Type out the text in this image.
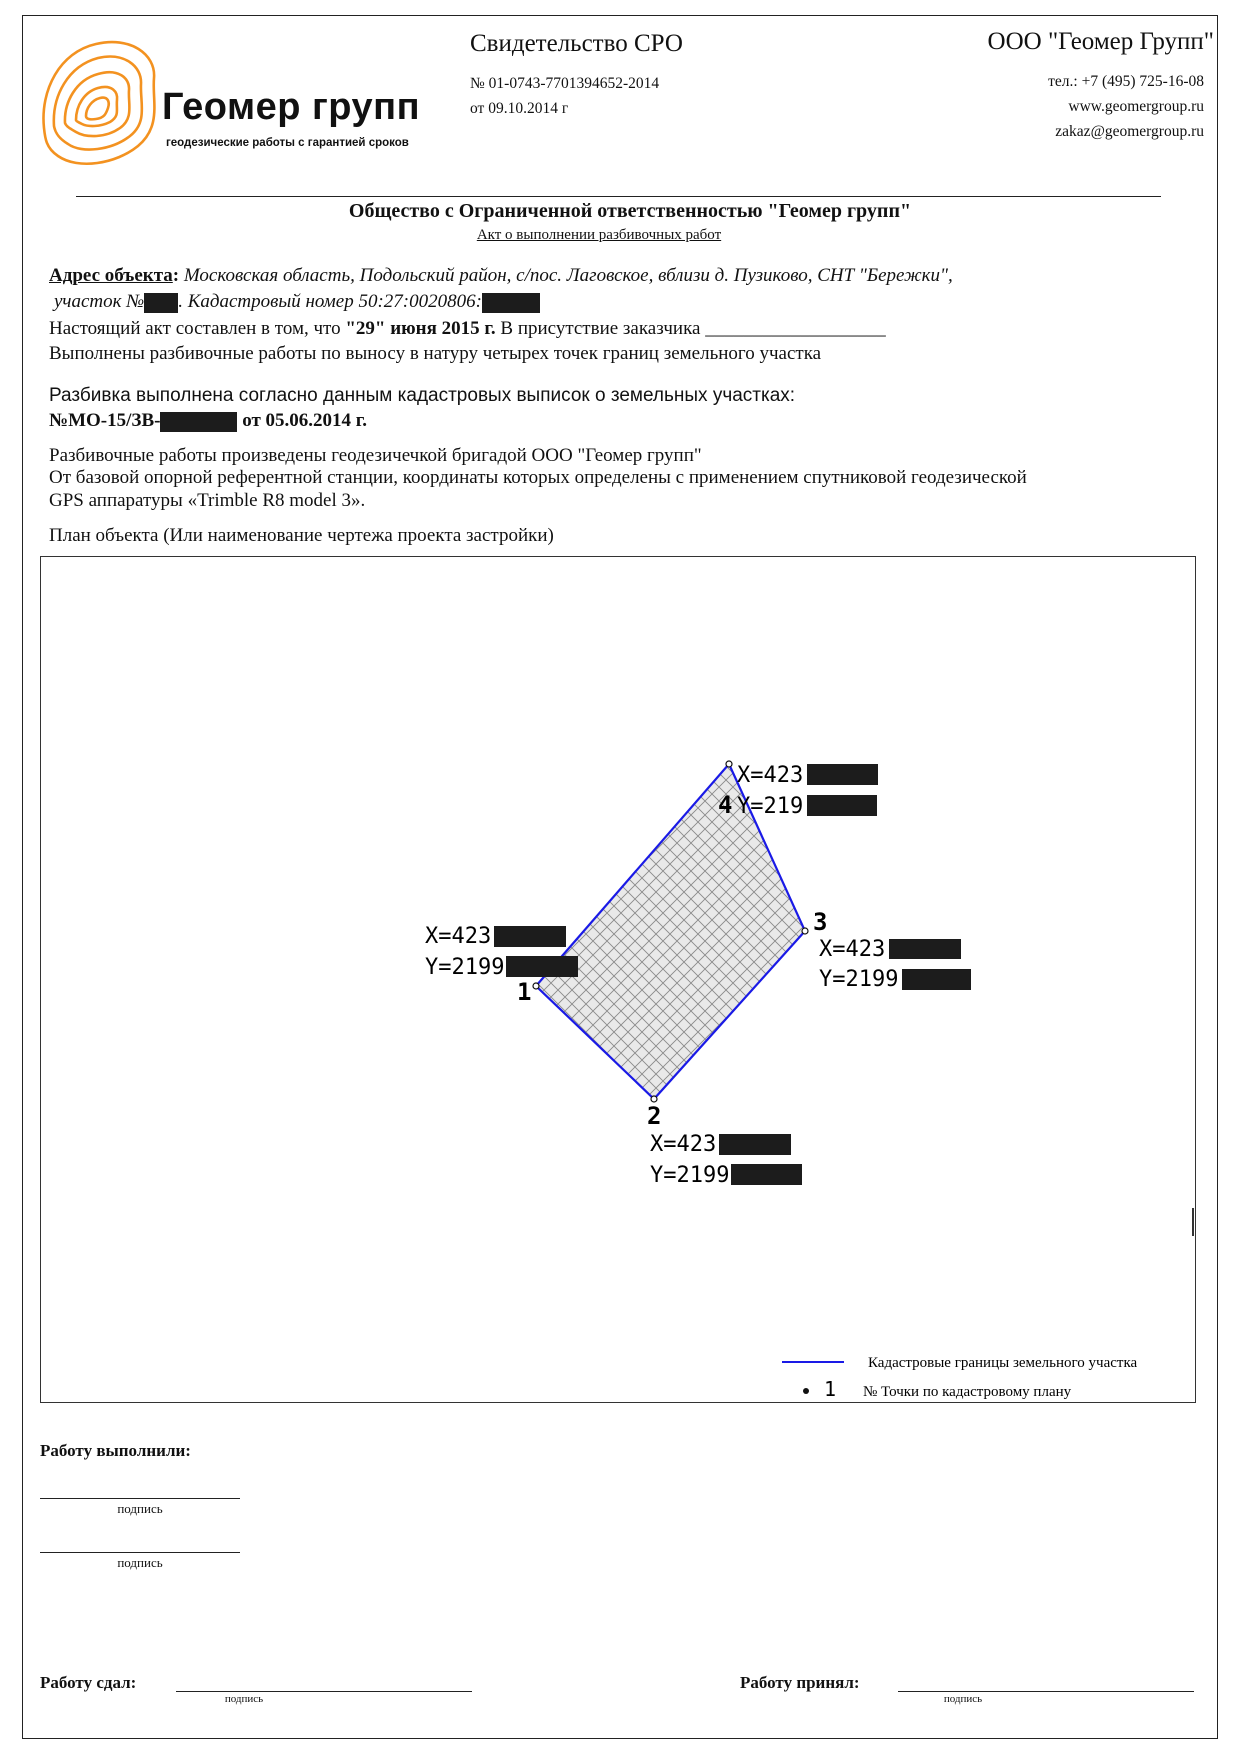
Геомер групп
геодезические работы с гарантией сроков
Свидетельство СРО
№ 01-0743-7701394652-2014
от 09.10.2014 г
ООО "Геомер Групп"
тел.: +7 (495) 725-16-08
www.geomergroup.ru
zakaz@geomergroup.ru
Общество с Ограниченной ответственностью "Геомер групп"
Акт о выполнении разбивочных работ
Адрес объекта: Московская область, Подольский район, с/пос. Лаговское, вблизи д. Пузиково, СНТ "Бережки",
участок № . Кадастровый номер 50:27:0020806:
Настоящий акт составлен в том, что "29" июня 2015 г. В присутствие заказчика ___________________
Выполнены разбивочные работы по выносу в натуру четырех точек границ земельного участка
Разбивка выполнена согласно данным кадастровых выписок о земельных участках:
№МО-15/ЗВ-	от 05.06.2014 г.
Разбивочные работы произведены геодезичечкой бригадой ООО "Геомер групп"
От базовой опорной референтной станции, координаты которых определены с применением спутниковой геодезической
GPS аппаратуры «Trimble R8 model 3».
План объекта (Или наименование чертежа проекта застройки)
X=423
4 Y=219
3
X=423
Y=2199
X=423
Y=2199
1
2
X=423
Y=2199
Кадастровые границы земельного участка
1 № Точки по кадастровому плану
Работу выполнили:
подпись
подпись
Работу сдал:
подпись
Работу принял:
подпись
